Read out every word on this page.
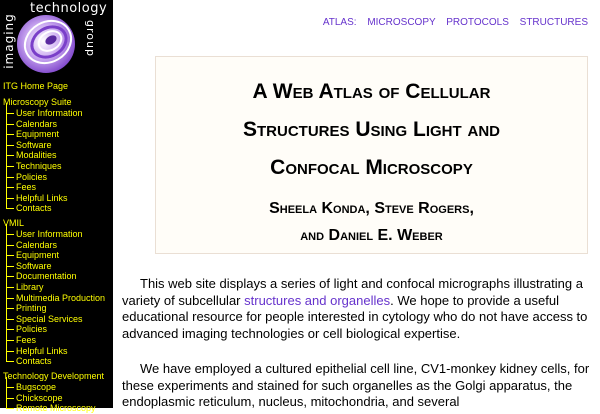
technology
imaging	group
ITG Home Page
Microscopy Suite
User Information
Calendars
Equipment
Software
Modalities
Techniques
Policies
Fees
Helpful Links
Contacts
VMIL
User Information
Calendars
Equipment
Software
Documentation
Library
Multimedia Production
Printing
Special Services
Policies
Fees
Helpful Links
Contacts
Technology Development
Bugscope
Chickscope
Remote Microscopy
ATLAS: MICROSCOPY PROTOCOLS STRUCTURES
A Web Atlas of Cellular
Structures Using Light and
Confocal Microscopy
Sheela Konda, Steve Rogers,
and Daniel E. Weber

This web site displays a series of light and confocal micrographs illustrating a variety of subcellular structures and organelles. We hope to provide a useful educational resource for people interested in cytology who do not have access to advanced imaging technologies or cell biological expertise.

We have employed a cultured epithelial cell line, CV1-monkey kidney cells, for these experiments and stained for such organelles as the Golgi apparatus, the endoplasmic reticulum, nucleus, mitochondria, and several
